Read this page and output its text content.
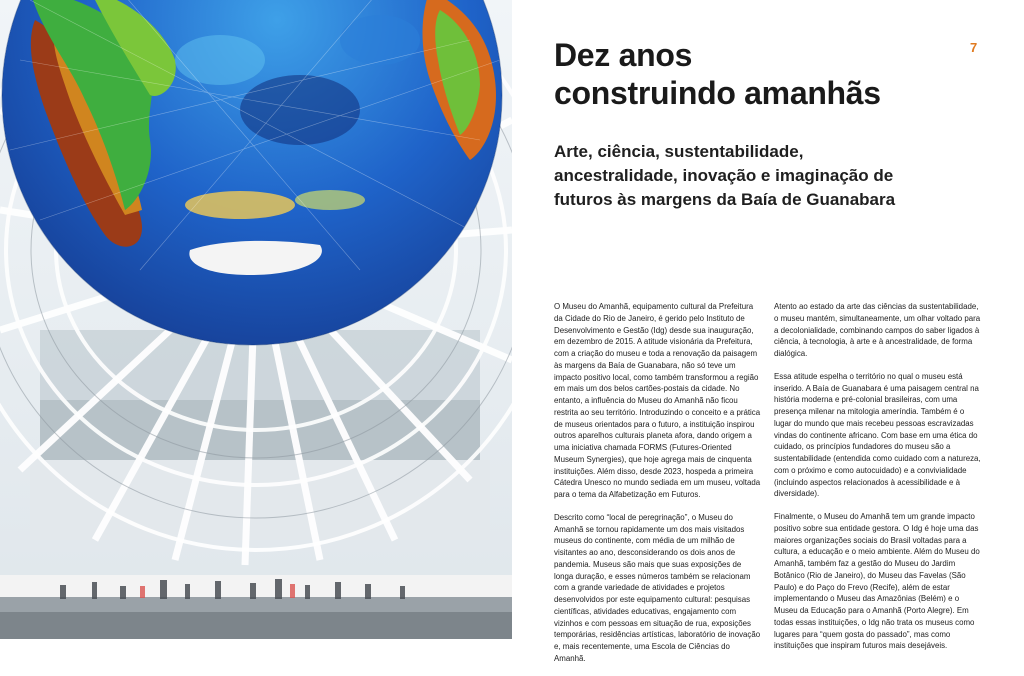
7
Dez anos
construindo amanhãs
Arte, ciência, sustentabilidade,
ancestralidade, inovação e imaginação de
futuros às margens da Baía de Guanabara

O Museu do Amanhã, equipamento cultural da Prefeitura da Cidade do Rio de Janeiro, é gerido pelo Instituto de Desenvolvimento e Gestão (Idg) desde sua inauguração, em dezembro de 2015. A atitude visionária da Prefeitura, com a criação do museu e toda a renovação da paisagem às margens da Baía de Guanabara, não só teve um impacto positivo local, como também transformou a região em mais um dos belos cartões-postais da cidade. No entanto, a influência do Museu do Amanhã não ficou restrita ao seu território. Introduzindo o conceito e a prática de museus orientados para o futuro, a instituição inspirou outros aparelhos culturais planeta afora, dando origem a uma iniciativa chamada FORMS (Futures-Oriented Museum Synergies), que hoje agrega mais de cinquenta instituições. Além disso, desde 2023, hospeda a primeira Cátedra Unesco no mundo sediada em um museu, voltada para o tema da Alfabetização em Futuros.

Descrito como “local de peregrinação”, o Museu do Amanhã se tornou rapidamente um dos mais visitados museus do continente, com média de um milhão de visitantes ao ano, desconsiderando os dois anos de pandemia. Museus são mais que suas exposições de longa duração, e esses números também se relacionam com a grande variedade de atividades e projetos desenvolvidos por este equipamento cultural: pesquisas científicas, atividades educativas, engajamento com vizinhos e com pessoas em situação de rua, exposições temporárias, residências artísticas, laboratório de inovação e, mais recentemente, uma Escola de Ciências do Amanhã.

Atento ao estado da arte das ciências da sustentabilidade, o museu mantém, simultaneamente, um olhar voltado para a decolonialidade, combinando campos do saber ligados à ciência, à tecnologia, à arte e à ancestralidade, de forma dialógica.

Essa atitude espelha o território no qual o museu está inserido. A Baía de Guanabara é uma paisagem central na história moderna e pré-colonial brasileiras, com uma presença milenar na mitologia ameríndia. Também é o lugar do mundo que mais recebeu pessoas escravizadas vindas do continente africano. Com base em uma ética do cuidado, os princípios fundadores do museu são a sustentabilidade (entendida como cuidado com a natureza, com o próximo e como autocuidado) e a convivialidade (incluindo aspectos relacionados à acessibilidade e à diversidade).

Finalmente, o Museu do Amanhã tem um grande impacto positivo sobre sua entidade gestora. O Idg é hoje uma das maiores organizações sociais do Brasil voltadas para a cultura, a educação e o meio ambiente. Além do Museu do Amanhã, também faz a gestão do Museu do Jardim Botânico (Rio de Janeiro), do Museu das Favelas (São Paulo) e do Paço do Frevo (Recife), além de estar implementando o Museu das Amazônias (Belém) e o Museu da Educação para o Amanhã (Porto Alegre). Em todas essas instituições, o Idg não trata os museus como lugares para “quem gosta do passado”, mas como instituições que inspiram futuros mais desejáveis.
